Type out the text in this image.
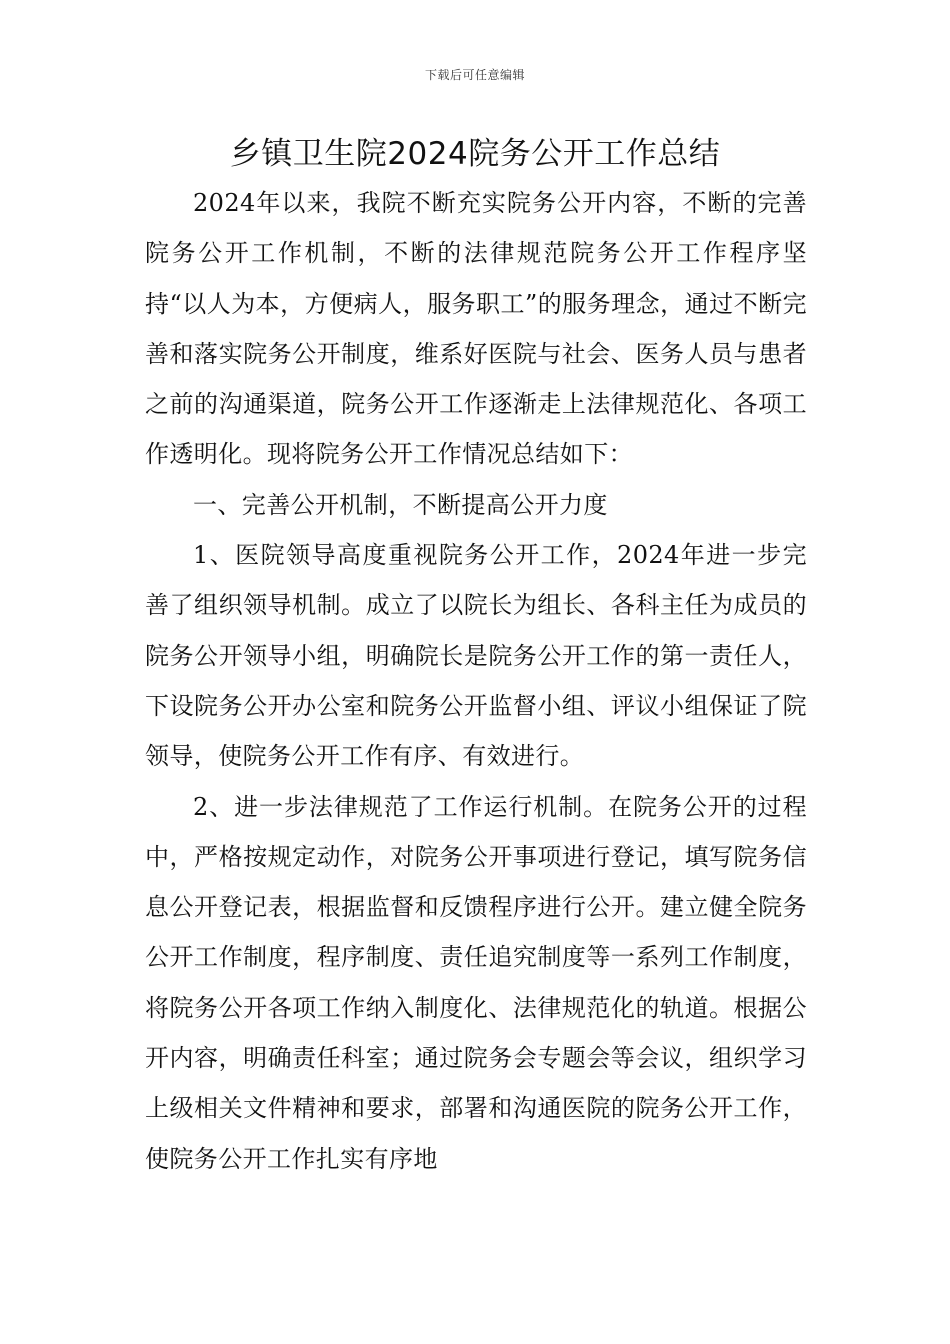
下载后可任意编辑
乡镇卫生院2024院务公开工作总结

2024年以来，我院不断充实院务公开内容，不断的完善院务公开工作机制，不断的法律规范院务公开工作程序坚持“以人为本，方便病人，服务职工”的服务理念，通过不断完善和落实院务公开制度，维系好医院与社会、医务人员与患者之前的沟通渠道，院务公开工作逐渐走上法律规范化、各项工作透明化。现将院务公开工作情况总结如下：

一、完善公开机制，不断提高公开力度

1、医院领导高度重视院务公开工作，2024年进一步完善了组织领导机制。成立了以院长为组长、各科主任为成员的院务公开领导小组，明确院长是院务公开工作的第一责任人，下设院务公开办公室和院务公开监督小组、评议小组保证了院领导，使院务公开工作有序、有效进行。

2、进一步法律规范了工作运行机制。在院务公开的过程中，严格按规定动作，对院务公开事项进行登记，填写院务信息公开登记表，根据监督和反馈程序进行公开。建立健全院务公开工作制度，程序制度、责任追究制度等一系列工作制度，将院务公开各项工作纳入制度化、法律规范化的轨道。根据公开内容，明确责任科室；通过院务会专题会等会议，组织学习上级相关文件精神和要求，部署和沟通医院的院务公开工作，使院务公开工作扎实有序地
